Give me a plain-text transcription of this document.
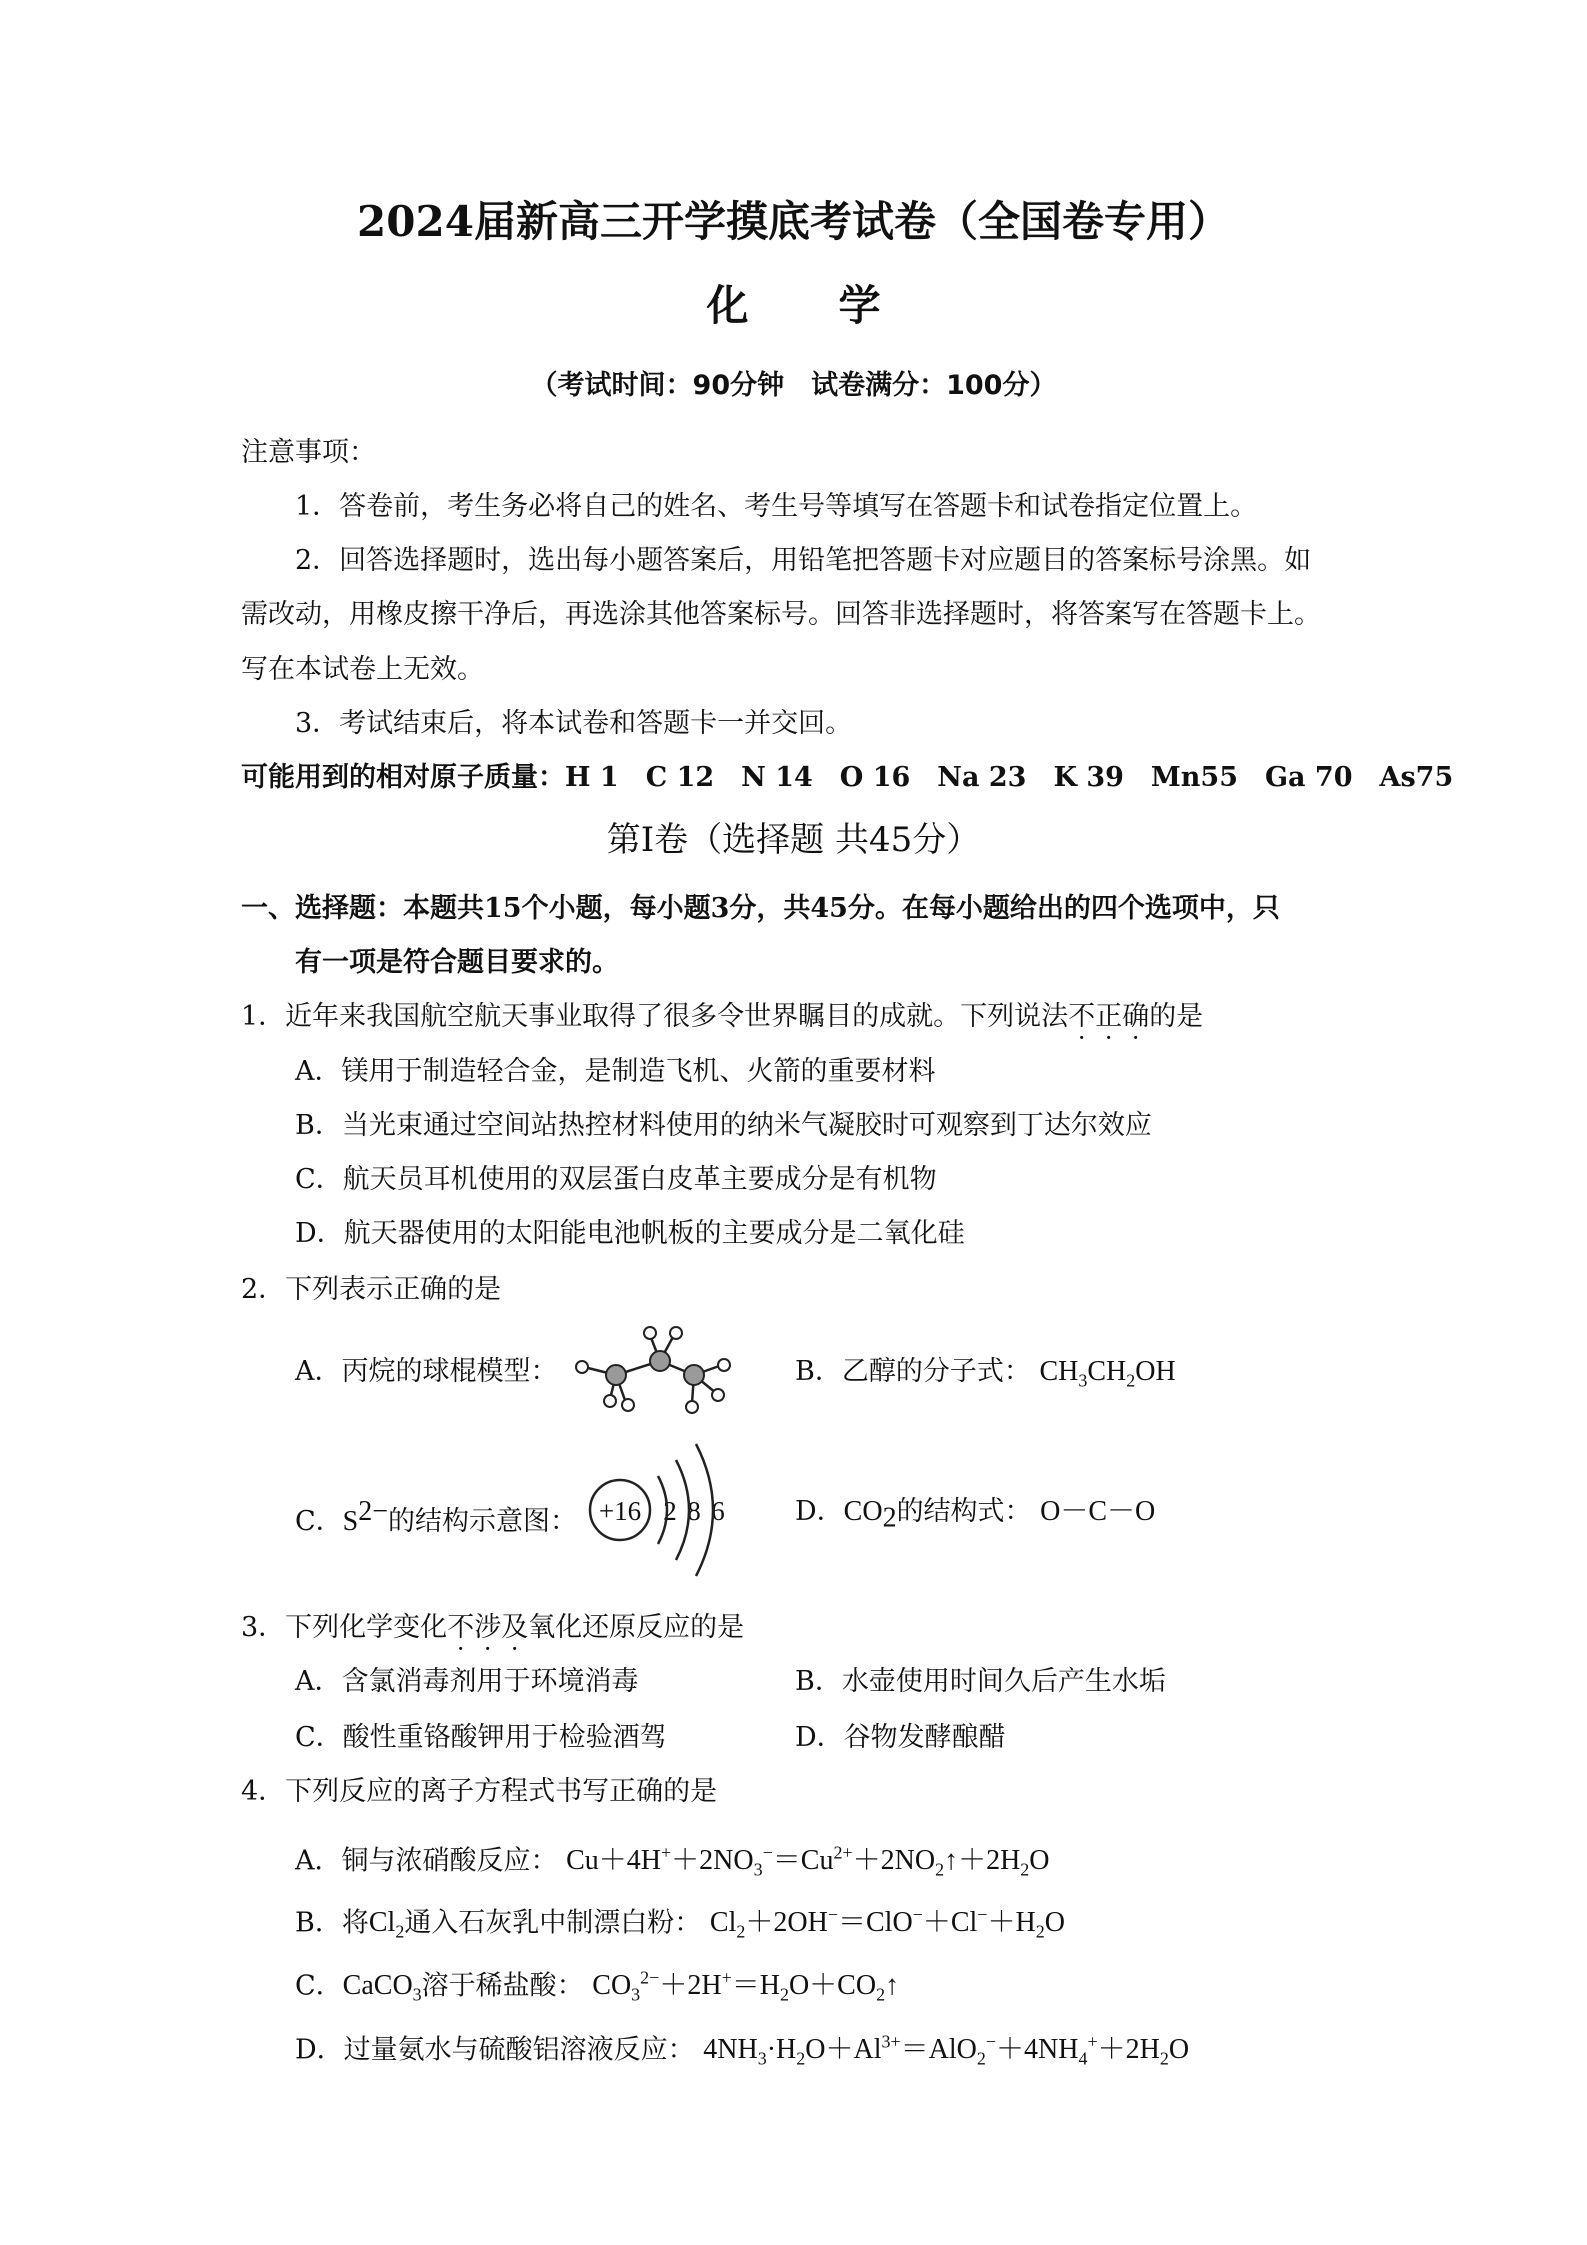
2024届新高三开学摸底考试卷（全国卷专用）
化学
（考试时间：90分钟　试卷满分：100分）
注意事项：
1．答卷前，考生务必将自己的姓名、考生号等填写在答题卡和试卷指定位置上。
2．回答选择题时，选出每小题答案后，用铅笔把答题卡对应题目的答案标号涂黑。如
需改动，用橡皮擦干净后，再选涂其他答案标号。回答非选择题时，将答案写在答题卡上。
写在本试卷上无效。
3．考试结束后，将本试卷和答题卡一并交回。
可能用到的相对原子质量：H 1　C 12　N 14　O 16　Na 23　K 39　Mn55　Ga 70　As75
第Ⅰ卷（选择题 共45分）
一、选择题：本题共15个小题，每小题3分，共45分。在每小题给出的四个选项中，只
有一项是符合题目要求的。
1．近年来我国航空航天事业取得了很多令世界瞩目的成就。下列说法不正确的是
A．镁用于制造轻合金，是制造飞机、火箭的重要材料
B．当光束通过空间站热控材料使用的纳米气凝胶时可观察到丁达尔效应
C．航天员耳机使用的双层蛋白皮革主要成分是有机物
D．航天器使用的太阳能电池帆板的主要成分是二氧化硅
2．下列表示正确的是
A．丙烷的球棍模型：	B．乙醇的分子式： $CH_3CH_2OH$
C．$S^{2-}$的结构示意图： +16 2 8 6	D．$CO_2$的结构式： O－C－O
3．下列化学变化不涉及氧化还原反应的是
A．含氯消毒剂用于环境消毒	B．水壶使用时间久后产生水垢
C．酸性重铬酸钾用于检验酒驾	D．谷物发酵酿醋
4．下列反应的离子方程式书写正确的是
A．铜与浓硝酸反应： $Cu+4H^++2NO_3^-=Cu^{2+}+2NO_2↑+2H_2O$
B．将$Cl_2$通入石灰乳中制漂白粉： $Cl_2+2OH^-=ClO^-+Cl^-+H_2O$
C．CaCO$_3$溶于稀盐酸： $CO_3^{2-}+2H^+=H_2O+CO_2↑$
D．过量氨水与硫酸铝溶液反应： $4NH_3\cdot H_2O+Al^{3+}=AlO_2^-+4NH_4^++2H_2O$
